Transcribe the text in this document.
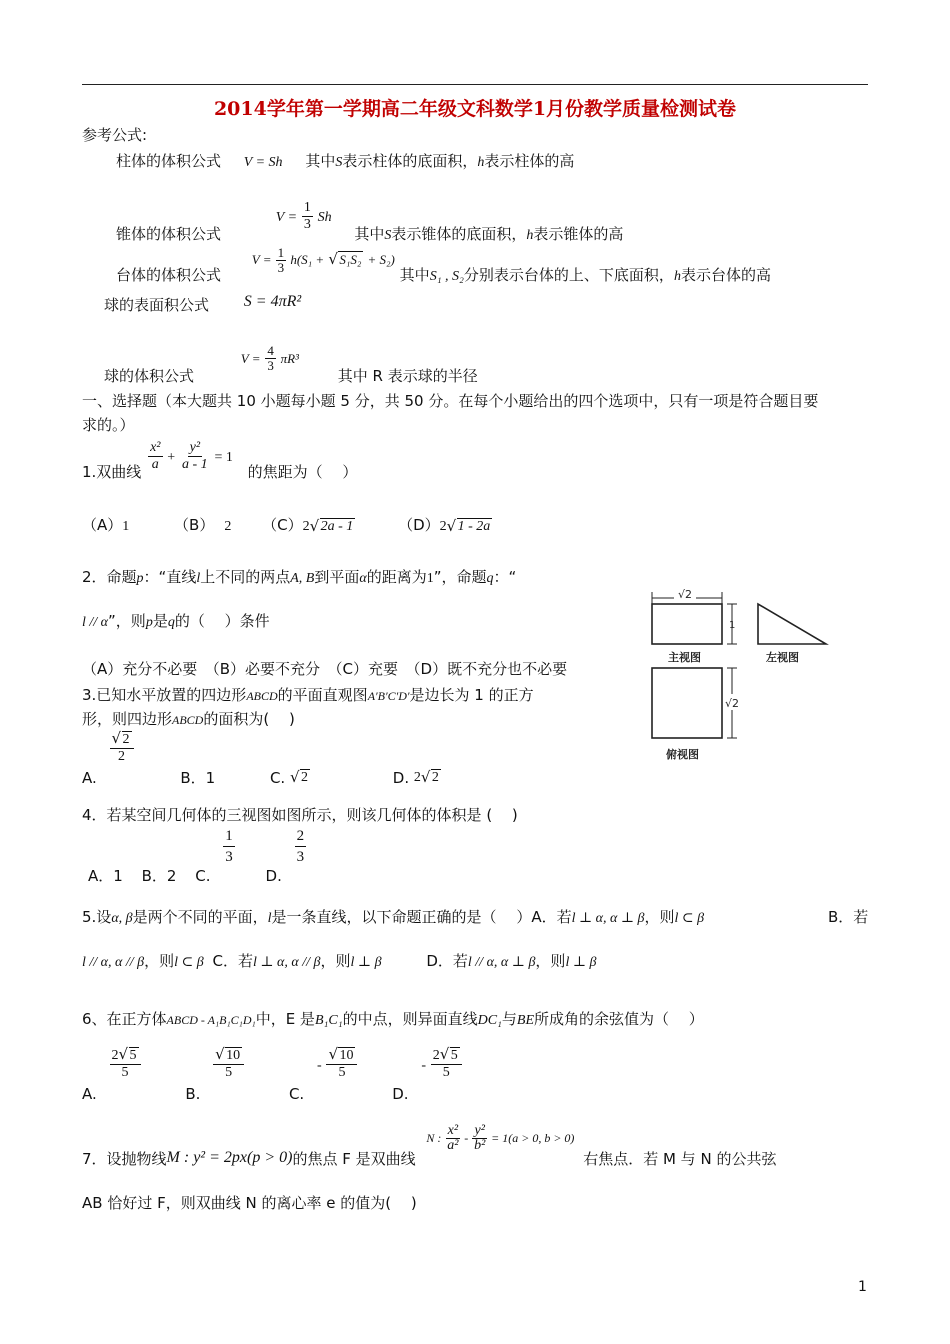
2014学年第一学期高二年级文科数学1月份教学质量检测试卷
参考公式:
柱体的体积公式 V = Sh 其中S表示柱体的底面积，h表示柱体的高
锥体的体积公式 $V = \frac{1}{3}$ Sh 其中S表示锥体的底面积，h表示锥体的高
台体的体积公式 $V = \frac{1}{3} h(S_1$ + √ S₁S₂ + S₂) 其中S₁ , S₂分别表示台体的上、下底面积，h表示台体的高
球的表面积公式 S = 4πR²
球的体积公式 $V = \frac{4}{3} \pi R^3$ 其中 R 表示球的半径
一、选择题（本大题共 10 小题每小题 5 分，共 50 分。在每个小题给出的四个选项中，只有一项是符合题目要
求的。）
1.双曲线 $\frac{\text{x²}}{a} + \frac{\text{y²}}{a - 1} = 1$ 的焦距为（　 ）
（A）1	（B） 2 （C）2 √ 2a - 1	（D）2 √ 1 - 2a
2．命题p：“直线l上不同的两点A, B到平面α的距离为1”，命题q：“
l // α”，则p是q的（　 ）条件
（A）充分不必要　（B）必要不充分　（C）充要　（D）既不充分也不必要
3.已知水平放置的四边形ABCD的平面直观图A′B′C′D′是边长为 1 的正方
形，则四边形ABCD的面积为(　 )
A.
$\frac{√ 2}{2}$
B．1	C. √ 2	D. 2 √ 2
√2
1
主视图	左视图
√2
俯视图
4．若某空间几何体的三视图如图所示，则该几何体的体积是 (　 )
A．1 B．2 C.
$\frac{1}{3}$
D.
$\frac{2}{3}$
5.设α, β是两个不同的平面，l是一条直线，以下命题正确的是（　 ）A．若l ⊥ α, α ⊥ β，则l ⊂ β	B．若
l // α, α // β，则l ⊂ β C．若l ⊥ α, α // β，则l ⊥ β	D．若l // α, α ⊥ β，则l ⊥ β
6、在正方体ABCD - A₁B₁C₁D₁中，E 是B₁C₁的中点，则异面直线DC₁与BE所成角的余弦值为（　 ）
A.
$\frac{2 √ 5}{5}$
B.
$\frac{√ 10}{5}$
C. - $\frac{√ 10}{5}$
D. - $\frac{2 √ 5}{5}$
7．设抛物线M : y² = 2px(p > 0)的焦点 F 是双曲线 N : $\frac{\text{x²}}{\text{a²}} - \frac{\text{y²}}{\text{b²}} = 1(a > 0$, b > 0) 右焦点．若 M 与 N 的公共弦
AB 恰好过 F，则双曲线 N 的离心率 e 的值为(　 )
1
